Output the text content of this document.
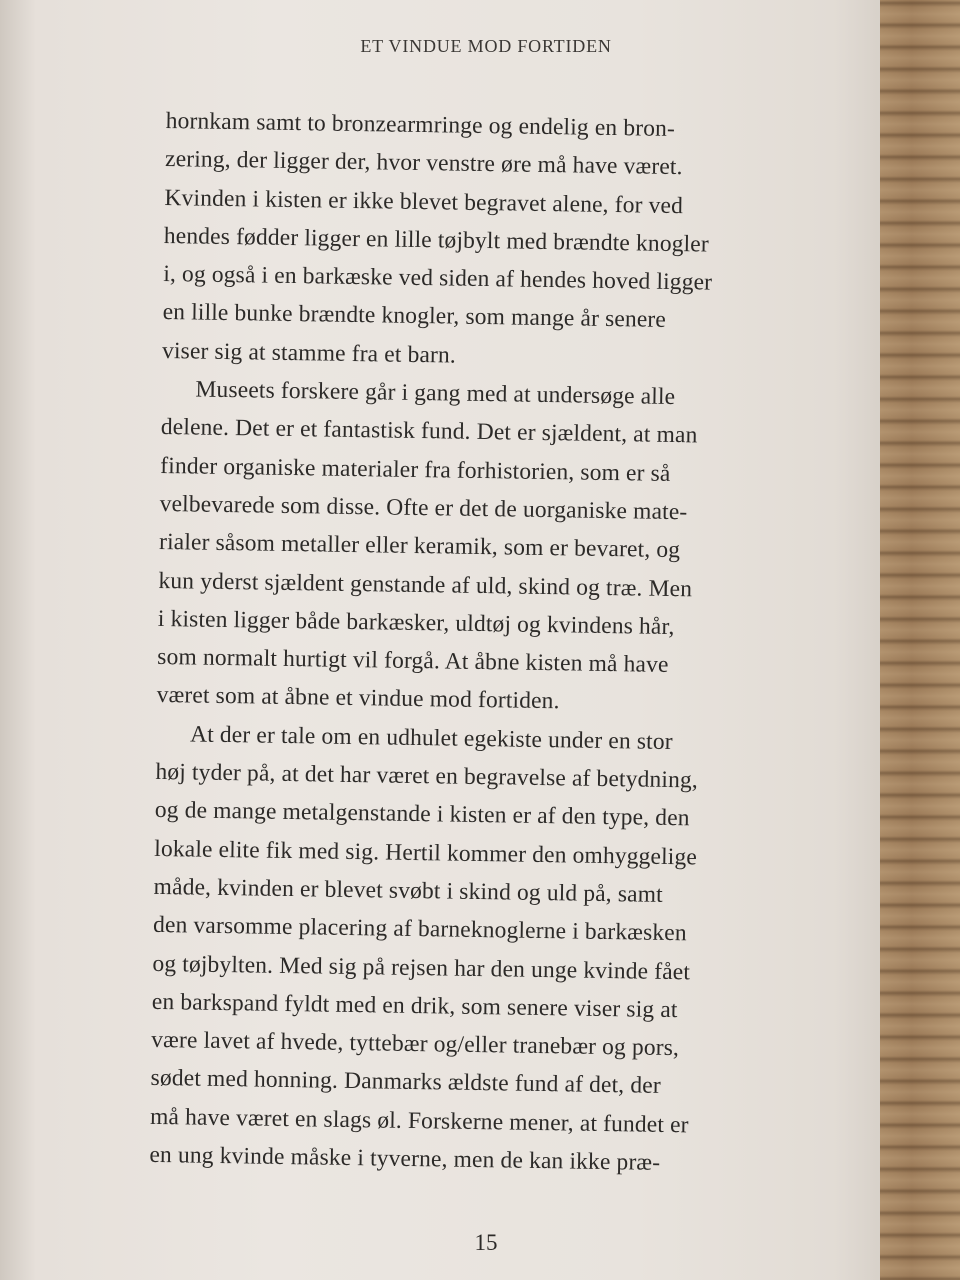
ET VINDUE MOD FORTIDEN
hornkam samt to bronzearmringe og endelig en bron-
zering, der ligger der, hvor venstre øre må have været.
Kvinden i kisten er ikke blevet begravet alene, for ved
hendes fødder ligger en lille tøjbylt med brændte knogler
i, og også i en barkæske ved siden af hendes hoved ligger
en lille bunke brændte knogler, som mange år senere
viser sig at stamme fra et barn.
Museets forskere går i gang med at undersøge alle
delene. Det er et fantastisk fund. Det er sjældent, at man
finder organiske materialer fra forhistorien, som er så
velbevarede som disse. Ofte er det de uorganiske mate-
rialer såsom metaller eller keramik, som er bevaret, og
kun yderst sjældent genstande af uld, skind og træ. Men
i kisten ligger både barkæsker, uldtøj og kvindens hår,
som normalt hurtigt vil forgå. At åbne kisten må have
været som at åbne et vindue mod fortiden.
At der er tale om en udhulet egekiste under en stor
høj tyder på, at det har været en begravelse af betydning,
og de mange metalgenstande i kisten er af den type, den
lokale elite fik med sig. Hertil kommer den omhyggelige
måde, kvinden er blevet svøbt i skind og uld på, samt
den varsomme placering af barneknoglerne i barkæsken
og tøjbylten. Med sig på rejsen har den unge kvinde fået
en barkspand fyldt med en drik, som senere viser sig at
være lavet af hvede, tyttebær og/eller tranebær og pors,
sødet med honning. Danmarks ældste fund af det, der
må have været en slags øl. Forskerne mener, at fundet er
en ung kvinde måske i tyverne, men de kan ikke præ-
15
